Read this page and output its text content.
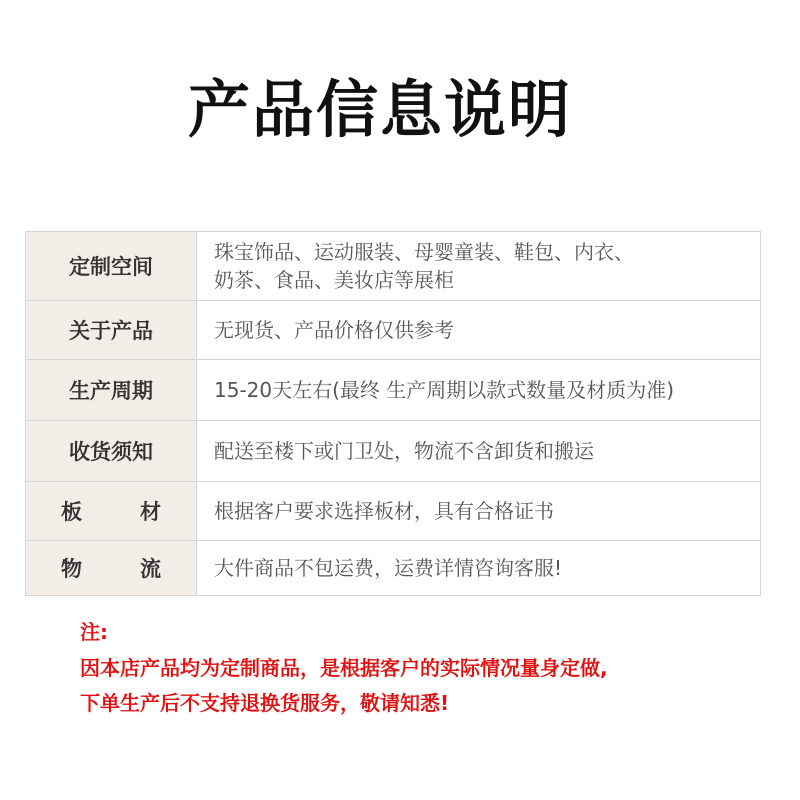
产品信息说明
定制空间	珠宝饰品、运动服装、母婴童装、鞋包、内衣、
奶茶、食品、美妆店等展柜

关于产品	无现货、产品价格仅供参考
生产周期	15-20天左右(最终 生产周期以款式数量及材质为准)
收货须知	配送至楼下或门卫处，物流不含卸货和搬运
板 材	根据客户要求选择板材，具有合格证书
物 流	大件商品不包运费，运费详情咨询客服!
注:
因本店产品均为定制商品，是根据客户的实际情况量身定做,
下单生产后不支持退换货服务，敬请知悉!
